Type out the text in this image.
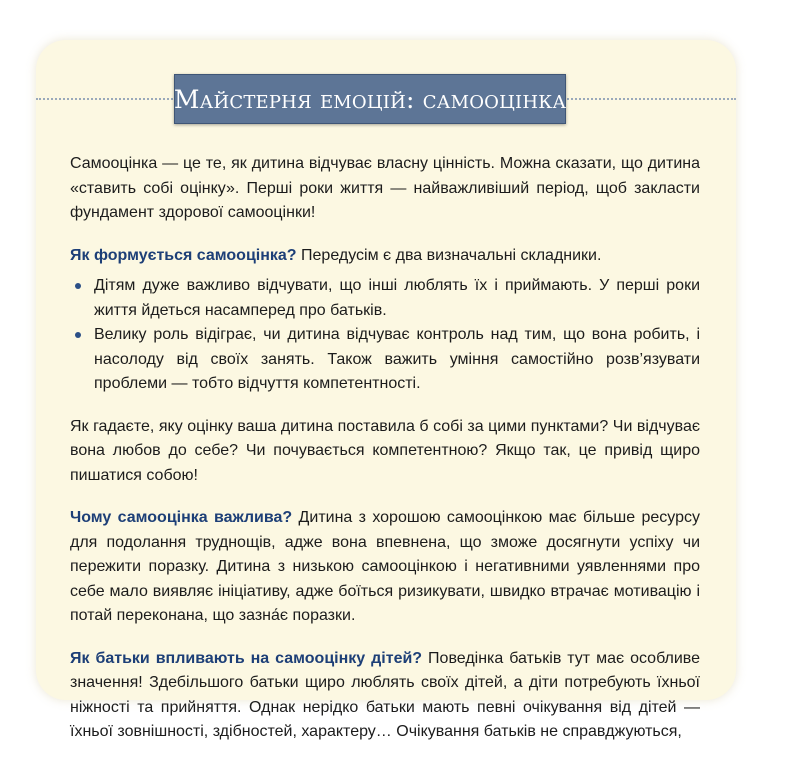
Майстерня емоцій: самооцінка

Самооцінка — це те, як дитина відчуває власну цінність. Можна сказати, що дитина «ставить собі оцінку». Перші роки життя — найважливіший період, щоб закласти фундамент здорової самооцінки!

Як формується самооцінка? Передусім є два визначальні складники.

Дітям дуже важливо відчувати, що інші люблять їх і приймають. У перші роки життя йдеться насамперед про батьків.
Велику роль відіграє, чи дитина відчуває контроль над тим, що вона робить, і насолоду від своїх занять. Також важить уміння самостійно розв’язувати проблеми — тобто відчуття компетентності.

Як гадаєте, яку оцінку ваша дитина поставила б собі за цими пунктами? Чи відчуває вона любов до себе? Чи почувається компетентною? Якщо так, це привід щиро пишатися собою!

Чому самооцінка важлива? Дитина з хорошою самооцінкою має більше ресурсу для подолання труднощів, адже вона впевнена, що зможе досягнути успіху чи пережити поразку. Дитина з низькою самооцінкою і негативними уявленнями про себе мало виявляє ініціативу, адже боїться ризикувати, швидко втрачає мотивацію і потай переконана, що зазна́є поразки.

Як батьки впливають на самооцінку дітей? Поведінка батьків тут має особливе значення! Здебільшого батьки щиро люблять своїх дітей, а діти потребують їхньої ніжності та прийняття. Однак нерідко батьки мають певні очікування від дітей — їхньої зовнішності, здібностей, характеру… Очікування батьків не справджуються,
